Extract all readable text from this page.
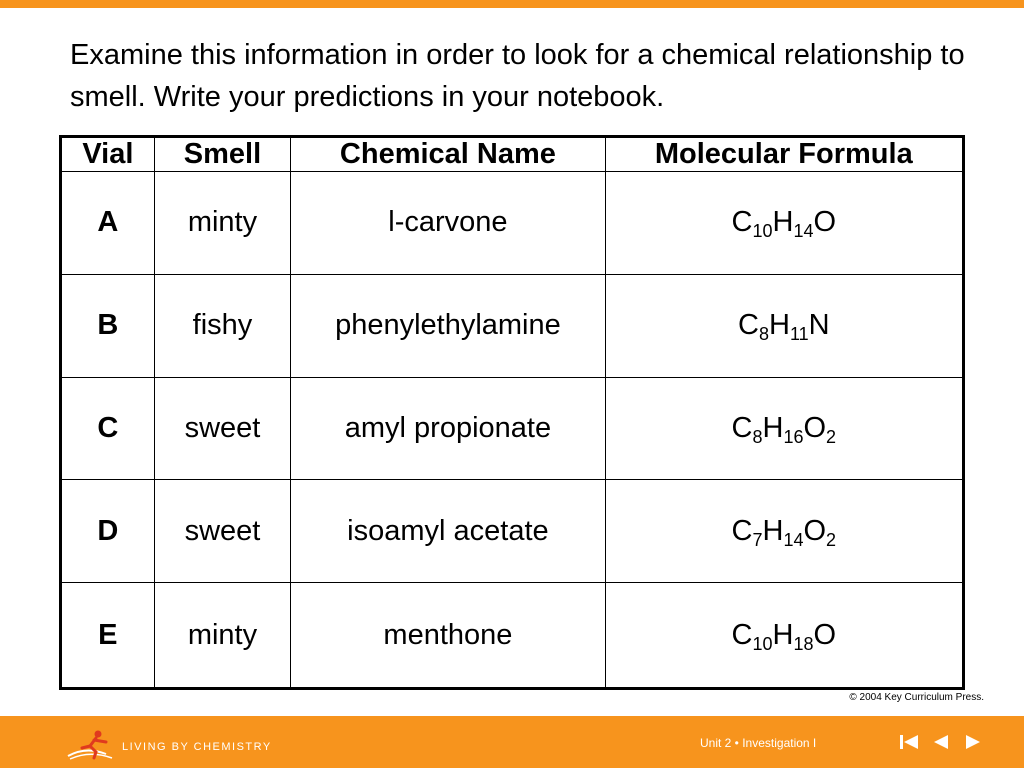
Examine this information in order to look for a chemical relationship to smell. Write your predictions in your notebook.

Vial	Smell	Chemical Name	Molecular Formula
A	minty	l-carvone	$C_{10}H_{14}O$
B	fishy	phenylethylamine	$C_8H_{11}N$
C	sweet	amyl propionate	$C_8H_{16}O_2$
D	sweet	isoamyl acetate	$C_7H_{14}O_2$
E	minty	menthone	$C_{10}H_{18}O$
© 2004 Key Curriculum Press.
LIVING BY CHEMISTRY	Unit 2 • Investigation I
